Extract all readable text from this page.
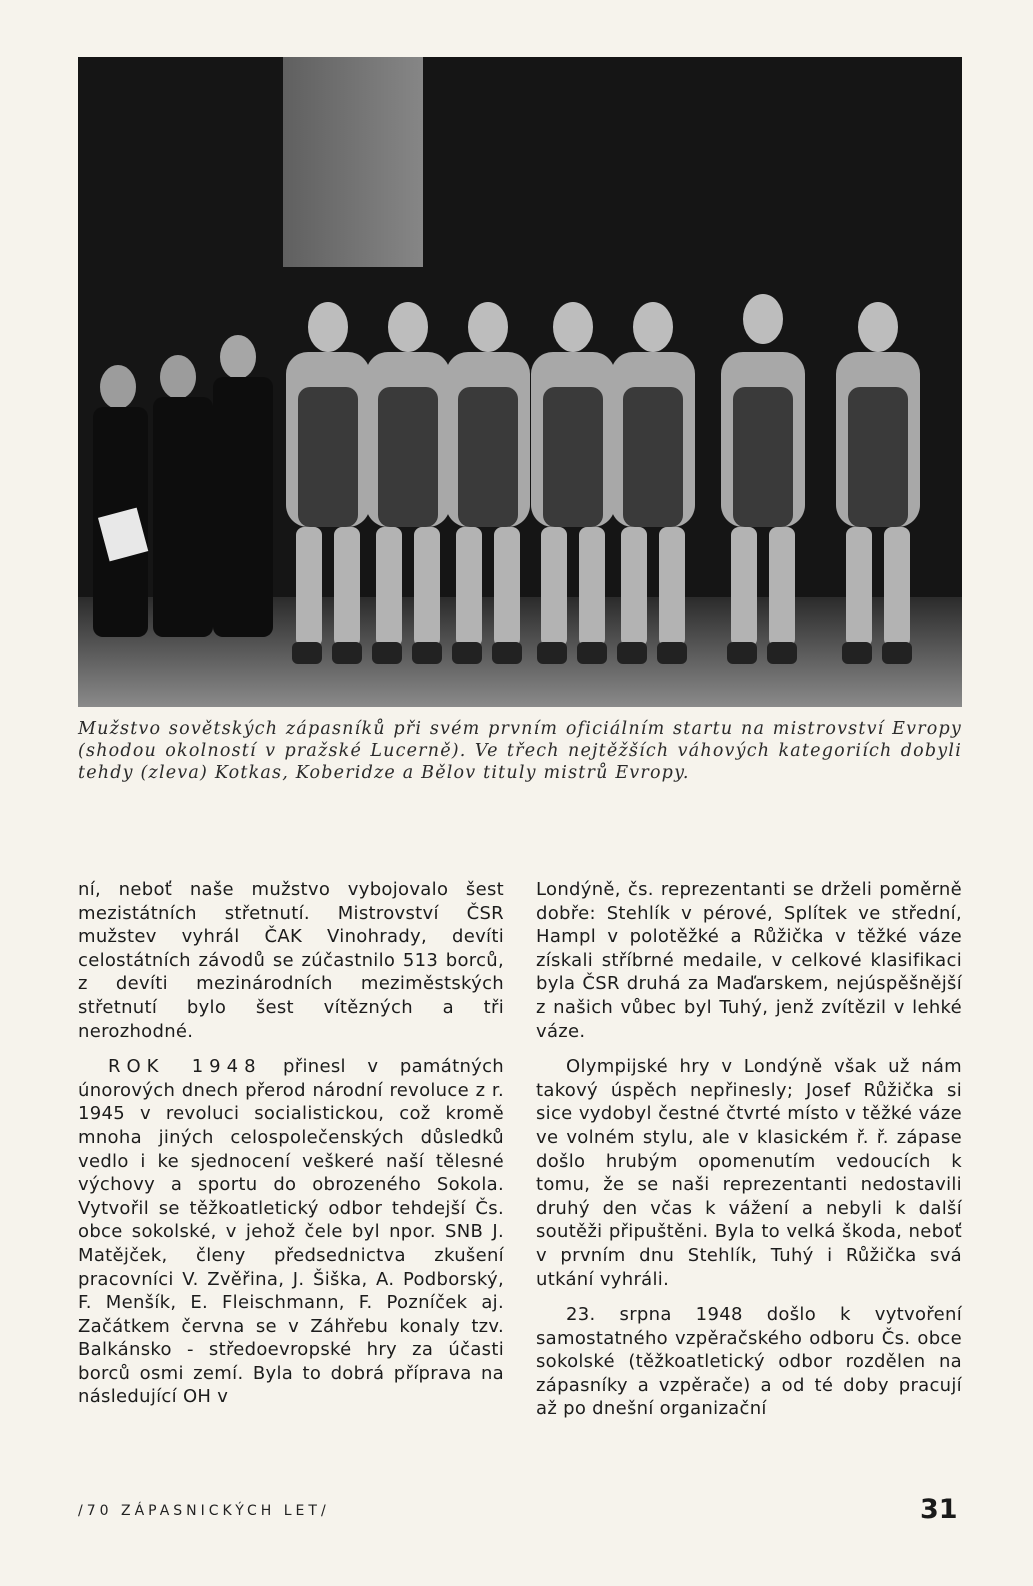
Mužstvo sovětských zápasníků při svém prvním oficiálním startu na mistrovství Evropy (shodou okolností v pražské Lucerně). Ve třech nejtěžších váhových kategoriích dobyli tehdy (zleva) Kotkas, Koberidze a Bělov tituly mistrů Evropy.

ní, neboť naše mužstvo vybojovalo šest mezistátních střetnutí. Mistrovství ČSR mužstev vyhrál ČAK Vinohrady, devíti celostátních závodů se zúčastnilo 513 borců, z devíti mezinárodních meziměstských střetnutí bylo šest vítězných a tři nerozhodné.

ROK 1948 přinesl v památných únorových dnech přerod národní revoluce z r. 1945 v revoluci socialistickou, což kromě mnoha jiných celospolečenských důsledků vedlo i ke sjednocení veškeré naší tělesné výchovy a sportu do obrozeného Sokola. Vytvořil se těžkoatletický odbor tehdejší Čs. obce sokolské, v jehož čele byl npor. SNB J. Matějček, členy předsednictva zkušení pracovníci V. Zvěřina, J. Šiška, A. Podborský, F. Menšík, E. Fleischmann, F. Pozníček aj. Začátkem června se v Záhřebu konaly tzv. Balkánsko - středoevropské hry za účasti borců osmi zemí. Byla to dobrá příprava na následující OH v

Londýně, čs. reprezentanti se drželi poměrně dobře: Stehlík v pérové, Splítek ve střední, Hampl v polotěžké a Růžička v těžké váze získali stříbrné medaile, v celkové klasifikaci byla ČSR druhá za Maďarskem, nejúspěšnější z našich vůbec byl Tuhý, jenž zvítězil v lehké váze.

Olympijské hry v Londýně však už nám takový úspěch nepřinesly; Josef Růžička si sice vydobyl čestné čtvrté místo v těžké váze ve volném stylu, ale v klasickém ř. ř. zápase došlo hrubým opomenutím vedoucích k tomu, že se naši reprezentanti nedostavili druhý den včas k vážení a nebyli k další soutěži připuštěni. Byla to velká škoda, neboť v prvním dnu Stehlík, Tuhý i Růžička svá utkání vyhráli.

23. srpna 1948 došlo k vytvoření samostatného vzpěračského odboru Čs. obce sokolské (těžkoatletický odbor rozdělen na zápasníky a vzpěrače) a od té doby pracují až po dnešní organizační

/70 ZÁPASNICKÝCH LET/	31
